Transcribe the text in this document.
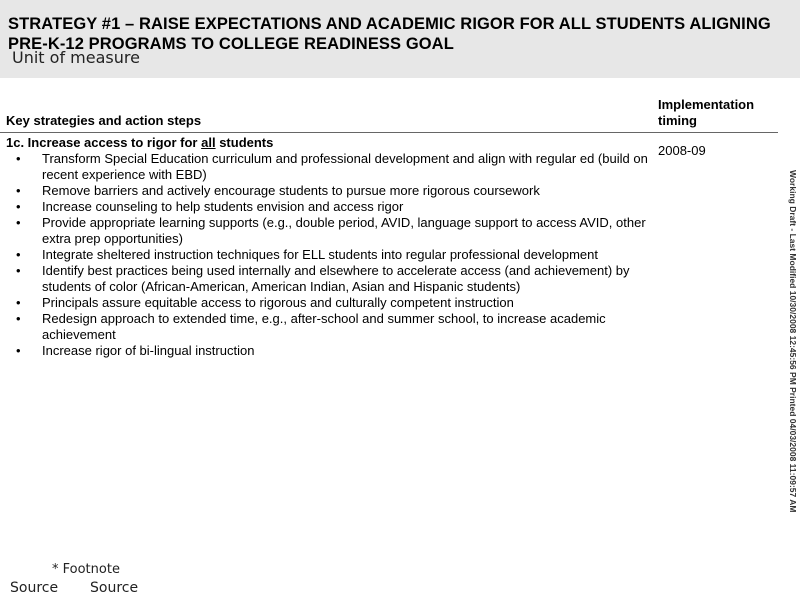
STRATEGY #1 – RAISE EXPECTATIONS AND ACADEMIC RIGOR FOR ALL STUDENTS ALIGNING PRE-K-12 PROGRAMS TO COLLEGE READINESS GOAL
Unit of measure
Key strategies and action steps
Implementation timing
1c. Increase access to rigor for all students
2008-09
• Transform Special Education curriculum and professional development and align with regular ed (build on recent experience with EBD)
• Remove barriers and actively encourage students to pursue more rigorous coursework
• Increase counseling to help students envision and access rigor
• Provide appropriate learning supports (e.g., double period, AVID, language support to access AVID, other extra prep opportunities)
• Integrate sheltered instruction techniques for ELL students into regular professional development
• Identify best practices being used internally and elsewhere to accelerate access (and achievement) by students of color (African-American, American Indian, Asian and Hispanic students)
• Principals assure equitable access to rigorous and culturally competent instruction
• Redesign approach to extended time, e.g., after-school and summer school, to increase academic achievement
• Increase rigor of bi-lingual instruction	Working Draft - Last Modified 10/30/2008 12:45:56 PM Printed 04/03/2008 11:09:57 AM
* Footnote
Source Source
